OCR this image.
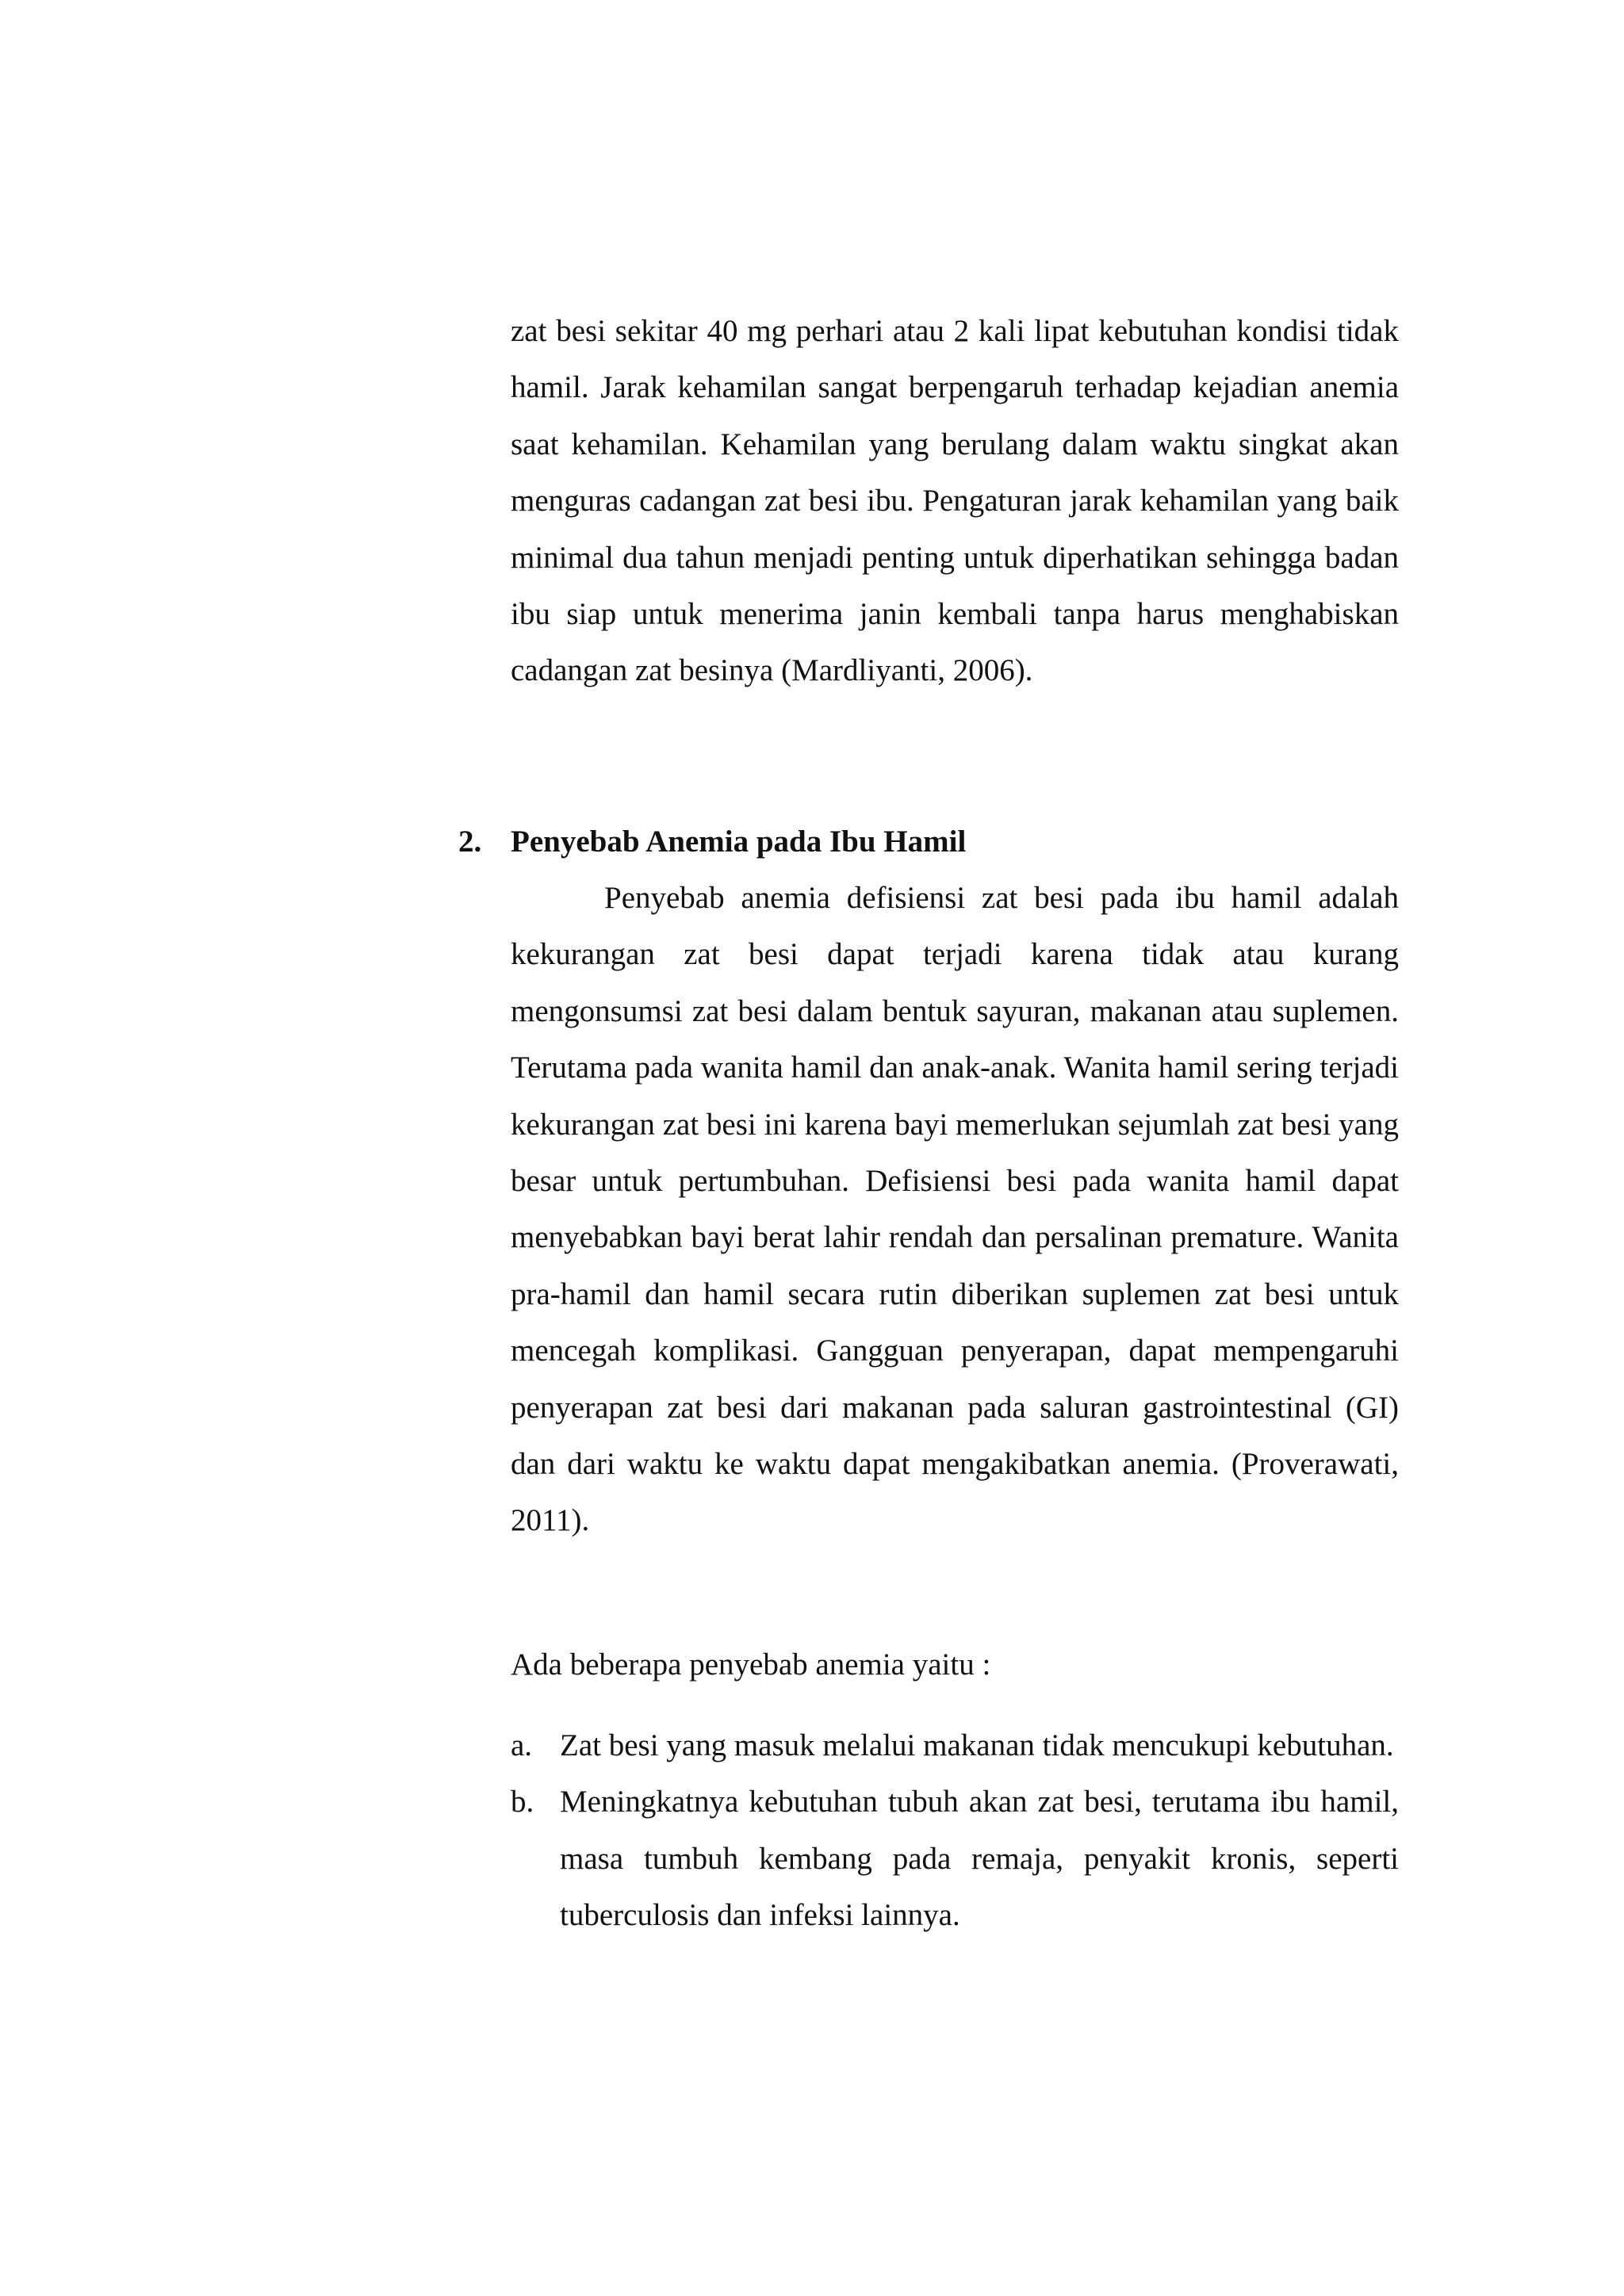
zat besi sekitar 40 mg perhari atau 2 kali lipat kebutuhan kondisi tidak hamil. Jarak kehamilan sangat berpengaruh terhadap kejadian anemia saat kehamilan. Kehamilan yang berulang dalam waktu singkat akan menguras cadangan zat besi ibu. Pengaturan jarak kehamilan yang baik minimal dua tahun menjadi penting untuk diperhatikan sehingga badan ibu siap untuk menerima janin kembali tanpa harus menghabiskan cadangan zat besinya (Mardliyanti, 2006).

2. Penyebab Anemia pada Ibu Hamil

Penyebab anemia defisiensi zat besi pada ibu hamil adalah kekurangan zat besi dapat terjadi karena tidak atau kurang mengonsumsi zat besi dalam bentuk sayuran, makanan atau suplemen. Terutama pada wanita hamil dan anak-anak. Wanita hamil sering terjadi kekurangan zat besi ini karena bayi memerlukan sejumlah zat besi yang besar untuk pertumbuhan. Defisiensi besi pada wanita hamil dapat menyebabkan bayi berat lahir rendah dan persalinan premature. Wanita pra-hamil dan hamil secara rutin diberikan suplemen zat besi untuk mencegah komplikasi. Gangguan penyerapan, dapat mempengaruhi penyerapan zat besi dari makanan pada saluran gastrointestinal (GI) dan dari waktu ke waktu dapat mengakibatkan anemia. (Proverawati, 2011).

Ada beberapa penyebab anemia yaitu :

a. Zat besi yang masuk melalui makanan tidak mencukupi kebutuhan.
b. Meningkatnya kebutuhan tubuh akan zat besi, terutama ibu hamil, masa tumbuh kembang pada remaja, penyakit kronis, seperti tuberculosis dan infeksi lainnya.
